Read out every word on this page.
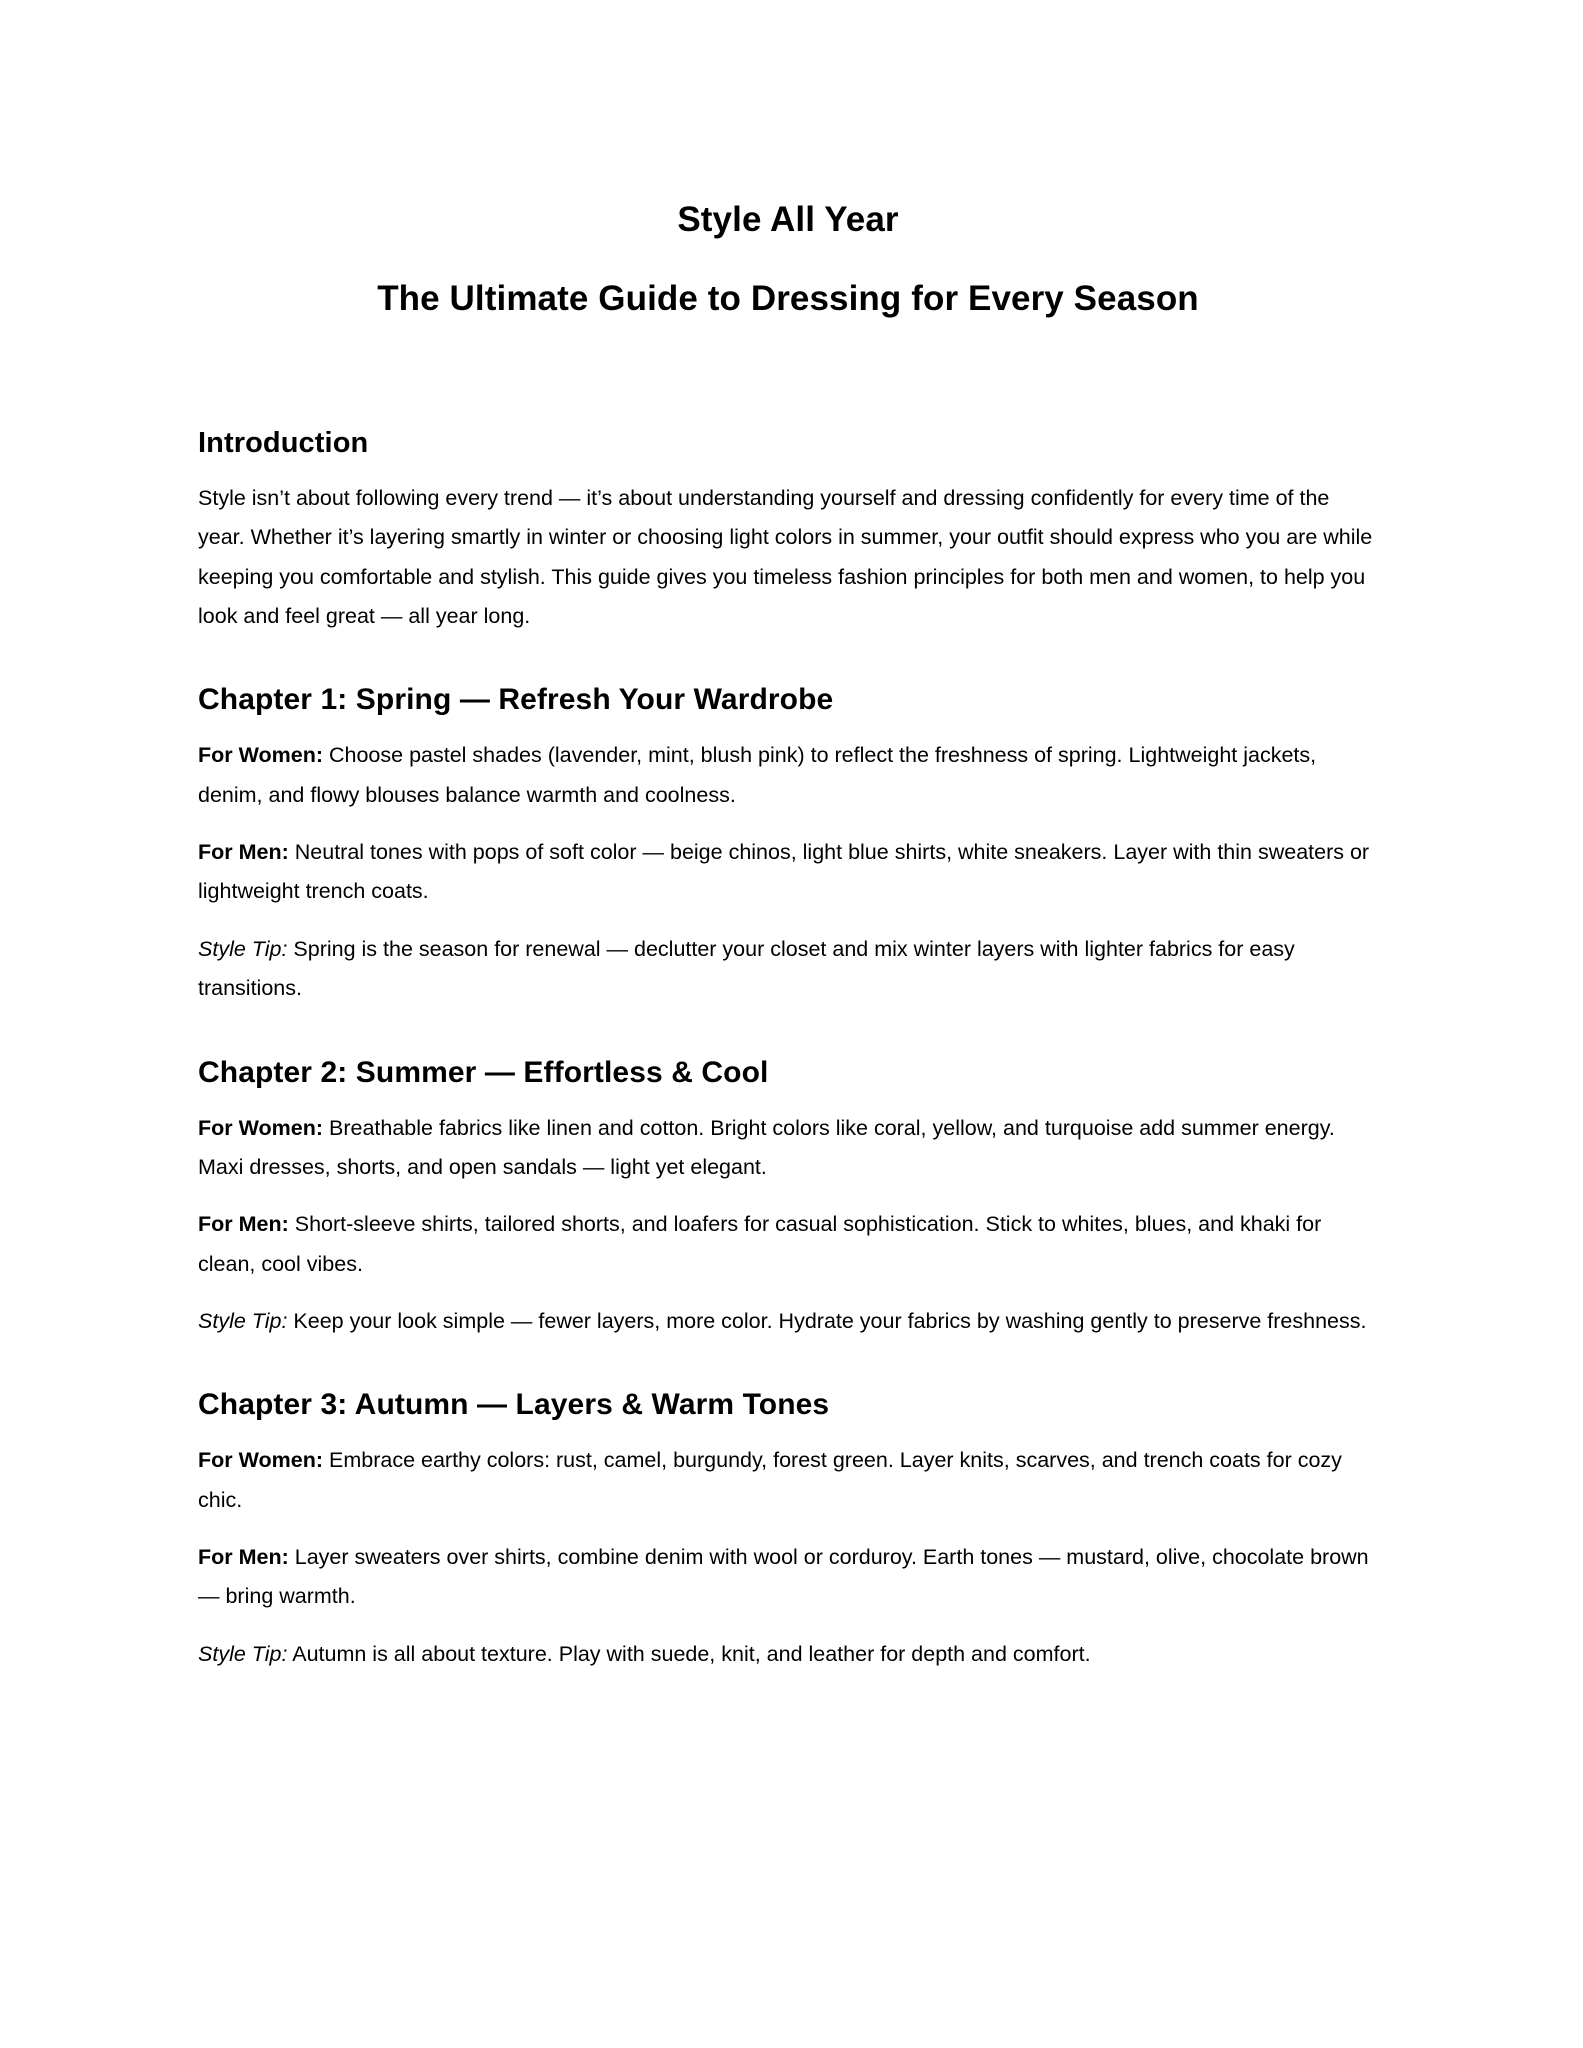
Style All Year
The Ultimate Guide to Dressing for Every Season
Introduction

Style isn’t about following every trend — it’s about understanding yourself and dressing confidently for every time of the year. Whether it’s layering smartly in winter or choosing light colors in summer, your outfit should express who you are while keeping you comfortable and stylish. This guide gives you timeless fashion principles for both men and women, to help you look and feel great — all year long.

Chapter 1: Spring — Refresh Your Wardrobe

For Women: Choose pastel shades (lavender, mint, blush pink) to reflect the freshness of spring. Lightweight jackets, denim, and flowy blouses balance warmth and coolness.

For Men: Neutral tones with pops of soft color — beige chinos, light blue shirts, white sneakers. Layer with thin sweaters or lightweight trench coats.

Style Tip: Spring is the season for renewal — declutter your closet and mix winter layers with lighter fabrics for easy transitions.

Chapter 2: Summer — Effortless & Cool

For Women: Breathable fabrics like linen and cotton. Bright colors like coral, yellow, and turquoise add summer energy. Maxi dresses, shorts, and open sandals — light yet elegant.

For Men: Short-sleeve shirts, tailored shorts, and loafers for casual sophistication. Stick to whites, blues, and khaki for clean, cool vibes.

Style Tip: Keep your look simple — fewer layers, more color. Hydrate your fabrics by washing gently to preserve freshness.

Chapter 3: Autumn — Layers & Warm Tones

For Women: Embrace earthy colors: rust, camel, burgundy, forest green. Layer knits, scarves, and trench coats for cozy chic.

For Men: Layer sweaters over shirts, combine denim with wool or corduroy. Earth tones — mustard, olive, chocolate brown — bring warmth.

Style Tip: Autumn is all about texture. Play with suede, knit, and leather for depth and comfort.
